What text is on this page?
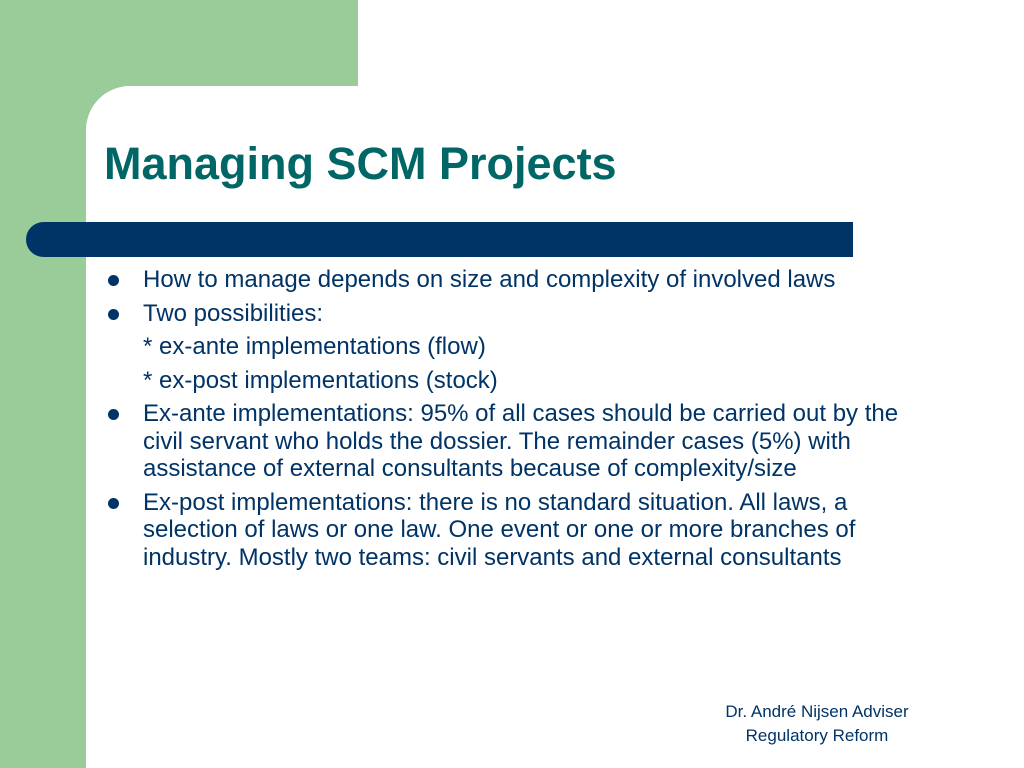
Managing SCM Projects
How to manage depends on size and complexity of involved laws
Two possibilities:
* ex-ante implementations (flow)
* ex-post implementations (stock)
Ex-ante implementations: 95% of all cases should be carried out by the civil servant who holds the dossier. The remainder cases (5%) with assistance of external consultants because of complexity/size
Ex-post implementations: there is no standard situation. All laws, a selection of laws or one law. One event or one or more branches of industry. Mostly two teams: civil servants and external consultants
Dr. André Nijsen Adviser
Regulatory Reform
